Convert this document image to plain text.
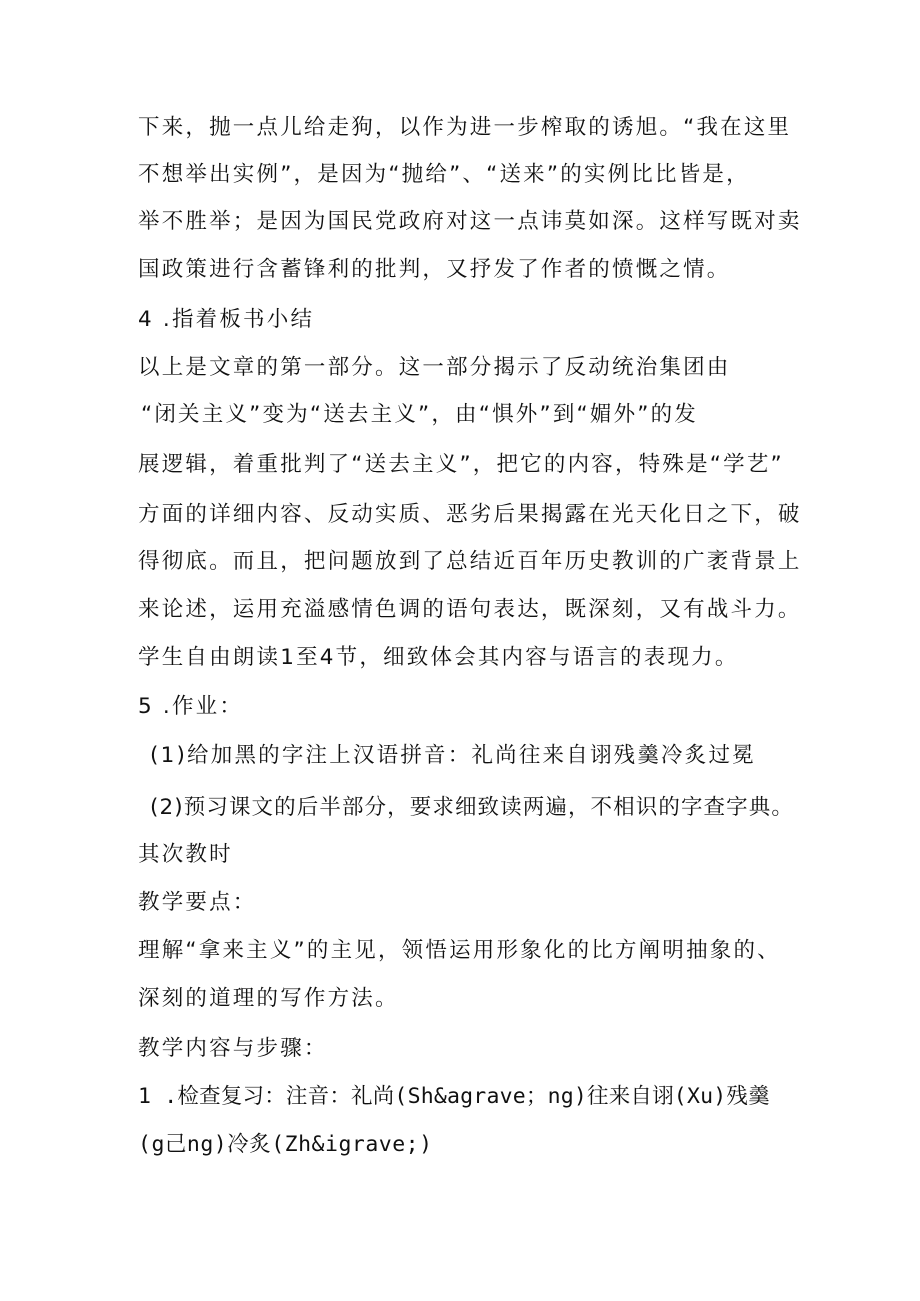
下来，抛一点儿给走狗，以作为进一步榨取的诱旭。“我在这里
不想举出实例”，是因为“抛给”、“送来”的实例比比皆是，
举不胜举；是因为国民党政府对这一点讳莫如深。这样写既对卖
国政策进行含蓄锋利的批判，又抒发了作者的愤慨之情。
4 .指着板书小结
以上是文章的第一部分。这一部分揭示了反动统治集团由
“闭关主义”变为“送去主义”，由“惧外”到“媚外”的发
展逻辑，着重批判了“送去主义”，把它的内容，特殊是“学艺”
方面的详细内容、反动实质、恶劣后果揭露在光天化日之下，破
得彻底。而且，把问题放到了总结近百年历史教训的广袤背景上
来论述，运用充溢感情色调的语句表达，既深刻，又有战斗力。
学生自由朗读1至4节，细致体会其内容与语言的表现力。
5 .作业：
(1)给加黑的字注上汉语拼音：礼尚往来自诩残羹冷炙过冕
(2)预习课文的后半部分，要求细致读两遍，不相识的字查字典。
其次教时
教学要点：
理解“拿来主义”的主见，领悟运用形象化的比方阐明抽象的、
深刻的道理的写作方法。
教学内容与步骤：
1 .检查复习：注音：礼尚(Sh&agrave；ng)往来自诩(Xu)残羹
(g己ng)冷炙(Zh&igrave;)
